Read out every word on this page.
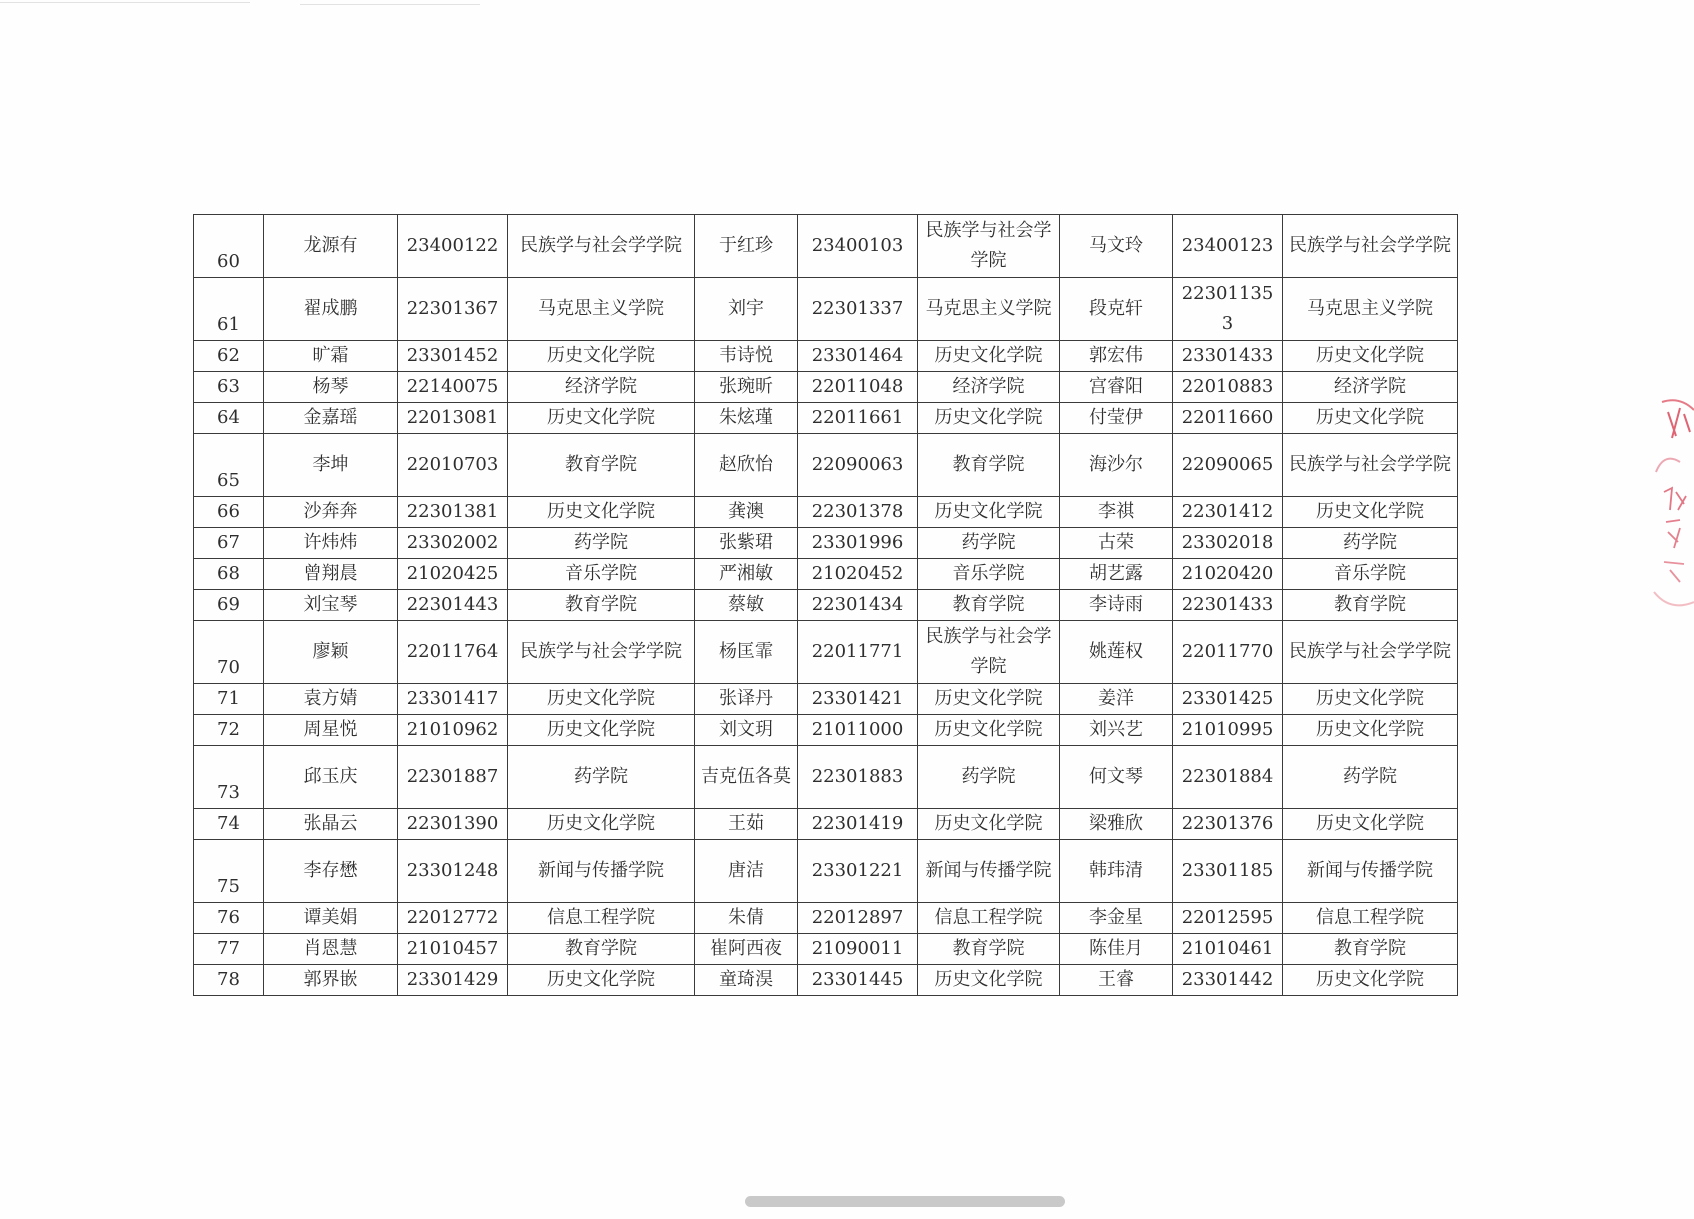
60	龙源有	23400122	民族学与社会学学院	于红珍	23400103	民族学与社会学学院	马文玲	23400123	民族学与社会学学院
61	翟成鹏	22301367	马克思主义学院	刘宇	22301337	马克思主义学院	段克轩	223011353	马克思主义学院
62	旷霜	23301452	历史文化学院	韦诗悦	23301464	历史文化学院	郭宏伟	23301433	历史文化学院
63	杨琴	22140075	经济学院	张琬昕	22011048	经济学院	宫睿阳	22010883	经济学院
64	金嘉瑶	22013081	历史文化学院	朱炫瑾	22011661	历史文化学院	付莹伊	22011660	历史文化学院
65	李坤	22010703	教育学院	赵欣怡	22090063	教育学院	海沙尔	22090065	民族学与社会学学院
66	沙奔奔	22301381	历史文化学院	龚澳	22301378	历史文化学院	李祺	22301412	历史文化学院
67	许炜炜	23302002	药学院	张紫珺	23301996	药学院	古荣	23302018	药学院
68	曾翔晨	21020425	音乐学院	严湘敏	21020452	音乐学院	胡艺露	21020420	音乐学院
69	刘宝琴	22301443	教育学院	蔡敏	22301434	教育学院	李诗雨	22301433	教育学院
70	廖颖	22011764	民族学与社会学学院	杨匡霏	22011771	民族学与社会学学院	姚莲权	22011770	民族学与社会学学院
71	袁方婧	23301417	历史文化学院	张译丹	23301421	历史文化学院	姜洋	23301425	历史文化学院
72	周星悦	21010962	历史文化学院	刘文玥	21011000	历史文化学院	刘兴艺	21010995	历史文化学院
73	邱玉庆	22301887	药学院	吉克伍各莫	22301883	药学院	何文琴	22301884	药学院
74	张晶云	22301390	历史文化学院	王茹	22301419	历史文化学院	梁雅欣	22301376	历史文化学院
75	李存懋	23301248	新闻与传播学院	唐洁	23301221	新闻与传播学院	韩玮清	23301185	新闻与传播学院
76	谭美娟	22012772	信息工程学院	朱倩	22012897	信息工程学院	李金星	22012595	信息工程学院
77	肖恩慧	21010457	教育学院	崔阿西夜	21090011	教育学院	陈佳月	21010461	教育学院
78	郭界嵌	23301429	历史文化学院	童琦淏	23301445	历史文化学院	王睿	23301442	历史文化学院
